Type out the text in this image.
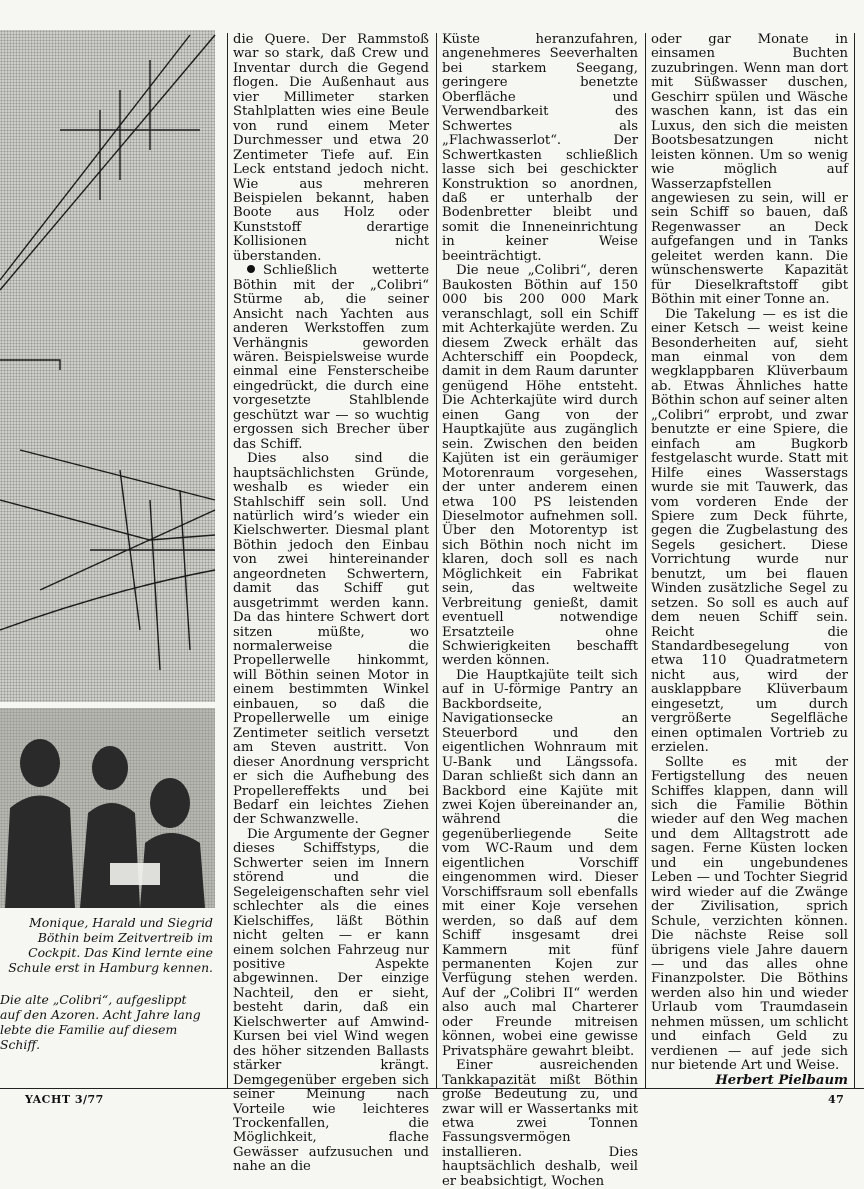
Monique, Harald und Siegrid
Böthin beim Zeitvertreib im
Cockpit. Das Kind lernte eine
Schule erst in Hamburg kennen.
Die alte „Colibri“, aufgeslippt
auf den Azoren. Acht Jahre lang
lebte die Familie auf diesem
Schiff.

die Quere. Der Rammstoß war so stark, daß Crew und Inventar durch die Gegend flogen. Die Außenhaut aus vier Millimeter starken Stahlplatten wies eine Beule von rund einem Meter Durchmesser und etwa 20 Zentimeter Tiefe auf. Ein Leck entstand jedoch nicht. Wie aus mehreren Beispielen bekannt, haben Boote aus Holz oder Kunststoff derartige Kollisionen nicht überstanden.

Schließlich wetterte Böthin mit der „Colibri“ Stürme ab, die seiner Ansicht nach Yachten aus anderen Werkstoffen zum Verhängnis geworden wären. Beispielsweise wurde einmal eine Fensterscheibe eingedrückt, die durch eine vorgesetzte Stahlblende geschützt war — so wuchtig ergossen sich Brecher über das Schiff.

Dies also sind die hauptsächlichsten Gründe, weshalb es wieder ein Stahlschiff sein soll. Und natürlich wird’s wieder ein Kielschwerter. Diesmal plant Böthin jedoch den Einbau von zwei hintereinander angeordneten Schwertern, damit das Schiff gut ausgetrimmt werden kann. Da das hintere Schwert dort sitzen müßte, wo normalerweise die Propellerwelle hinkommt, will Böthin seinen Motor in einem bestimmten Winkel einbauen, so daß die Propellerwelle um einige Zentimeter seitlich versetzt am Steven austritt. Von dieser Anordnung verspricht er sich die Aufhebung des Propellereffekts und bei Bedarf ein leichtes Ziehen der Schwanzwelle.

Die Argumente der Gegner dieses Schiffstyps, die Schwerter seien im Innern störend und die Segeleigenschaften sehr viel schlechter als die eines Kielschiffes, läßt Böthin nicht gelten — er kann einem solchen Fahrzeug nur positive Aspekte abgewinnen. Der einzige Nachteil, den er sieht, besteht darin, daß ein Kielschwerter auf Amwind-Kursen bei viel Wind wegen des höher sitzenden Ballasts stärker krängt. Demgegenüber ergeben sich seiner Meinung nach Vorteile wie leichteres Trockenfallen, die Möglichkeit, flache Gewässer aufzusuchen und nahe an die

Küste heranzufahren, angenehmeres Seeverhalten bei starkem Seegang, geringere benetzte Oberfläche und Verwendbarkeit des Schwertes als „Flachwasserlot“. Der Schwertkasten schließlich lasse sich bei geschickter Konstruktion so anordnen, daß er unterhalb der Bodenbretter bleibt und somit die Inneneinrichtung in keiner Weise beeinträchtigt.

Die neue „Colibri“, deren Baukosten Böthin auf 150 000 bis 200 000 Mark veranschlagt, soll ein Schiff mit Achterkajüte werden. Zu diesem Zweck erhält das Achterschiff ein Poopdeck, damit in dem Raum darunter genügend Höhe entsteht. Die Achterkajüte wird durch einen Gang von der Hauptkajüte aus zugänglich sein. Zwischen den beiden Kajüten ist ein geräumiger Motorenraum vorgesehen, der unter anderem einen etwa 100 PS leistenden Dieselmotor aufnehmen soll. Über den Motorentyp ist sich Böthin noch nicht im klaren, doch soll es nach Möglichkeit ein Fabrikat sein, das weltweite Verbreitung genießt, damit eventuell notwendige Ersatzteile ohne Schwierigkeiten beschafft werden können.

Die Hauptkajüte teilt sich auf in U-förmige Pantry an Backbordseite, Navigationsecke an Steuerbord und den eigentlichen Wohnraum mit U-Bank und Längssofa. Daran schließt sich dann an Backbord eine Kajüte mit zwei Kojen übereinander an, während die gegenüberliegende Seite vom WC-Raum und dem eigentlichen Vorschiff eingenommen wird. Dieser Vorschiffsraum soll ebenfalls mit einer Koje versehen werden, so daß auf dem Schiff insgesamt drei Kammern mit fünf permanenten Kojen zur Verfügung stehen werden. Auf der „Colibri II“ werden also auch mal Charterer oder Freunde mitreisen können, wobei eine gewisse Privatsphäre gewahrt bleibt.

Einer ausreichenden Tankkapazität mißt Böthin große Bedeutung zu, und zwar will er Wassertanks mit etwa zwei Tonnen Fassungsvermögen installieren. Dies hauptsächlich deshalb, weil er beabsichtigt, Wochen

oder gar Monate in einsamen Buchten zuzubringen. Wenn man dort mit Süßwasser duschen, Geschirr spülen und Wäsche waschen kann, ist das ein Luxus, den sich die meisten Bootsbesatzungen nicht leisten können. Um so wenig wie möglich auf Wasserzapfstellen angewiesen zu sein, will er sein Schiff so bauen, daß Regenwasser an Deck aufgefangen und in Tanks geleitet werden kann. Die wünschenswerte Kapazität für Dieselkraftstoff gibt Böthin mit einer Tonne an.

Die Takelung — es ist die einer Ketsch — weist keine Besonderheiten auf, sieht man einmal von dem wegklappbaren Klüverbaum ab. Etwas Ähnliches hatte Böthin schon auf seiner alten „Colibri“ erprobt, und zwar benutzte er eine Spiere, die einfach am Bugkorb festgelascht wurde. Statt mit Hilfe eines Wasserstags wurde sie mit Tauwerk, das vom vorderen Ende der Spiere zum Deck führte, gegen die Zugbelastung des Segels gesichert. Diese Vorrichtung wurde nur benutzt, um bei flauen Winden zusätzliche Segel zu setzen. So soll es auch auf dem neuen Schiff sein. Reicht die Standardbesegelung von etwa 110 Quadratmetern nicht aus, wird der ausklappbare Klüverbaum eingesetzt, um durch vergrößerte Segelfläche einen optimalen Vortrieb zu erzielen.

Sollte es mit der Fertigstellung des neuen Schiffes klappen, dann will sich die Familie Böthin wieder auf den Weg machen und dem Alltagstrott ade sagen. Ferne Küsten locken und ein ungebundenes Leben — und Tochter Siegrid wird wieder auf die Zwänge der Zivilisation, sprich Schule, verzichten können. Die nächste Reise soll übrigens viele Jahre dauern — und das alles ohne Finanzpolster. Die Böthins werden also hin und wieder Urlaub vom Traumdasein nehmen müssen, um schlicht und einfach Geld zu verdienen — auf jede sich nur bietende Art und Weise.

Herbert Pielbaum

YACHT 3/77	47
